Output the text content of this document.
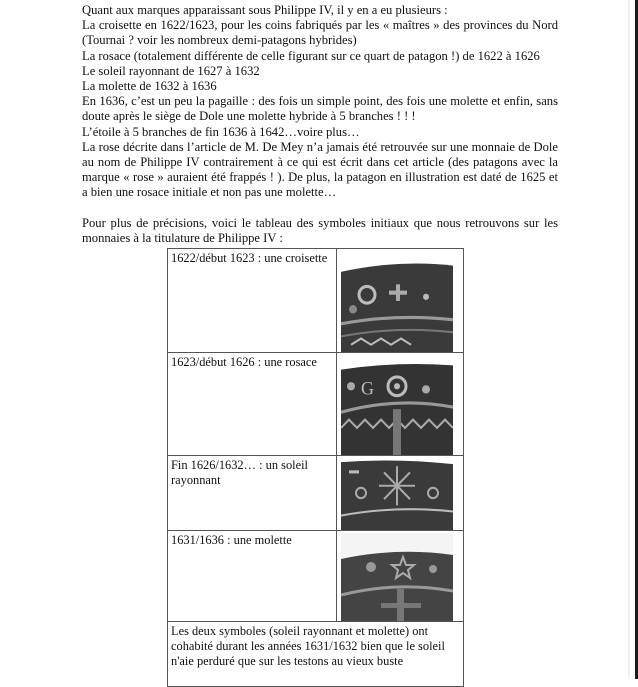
Quant aux marques apparaissant sous Philippe IV, il y en a eu plusieurs :

La croisette en 1622/1623, pour les coins fabriqués par les « maîtres » des provinces du Nord (Tournai ? voir les nombreux demi-patagons hybrides)

La rosace (totalement différente de celle figurant sur ce quart de patagon !) de 1622 à 1626

Le soleil rayonnant de 1627 à 1632

La molette de 1632 à 1636

En 1636, c’est un peu la pagaille : des fois un simple point, des fois une molette et enfin, sans doute après le siège de Dole une molette hybride à 5 branches ! ! !

L’étoile à 5 branches de fin 1636 à 1642…voire plus…

La rose décrite dans l’article de M. De Mey n’a jamais été retrouvée sur une monnaie de Dole au nom de Philippe IV contrairement à ce qui est écrit dans cet article (des patagons avec la marque « rose » auraient été frappés ! ). De plus, la patagon en illustration est daté de 1625 et a bien une rosace initiale et non pas une molette…

Pour plus de précisions, voici le tableau des symboles initiaux que nous retrouvons sur les monnaies à la titulature de Philippe IV :

1622/début 1623 : une croisette	

1623/début 1626 : une rosace	G

Fin 1626/1632… : un soleil rayonnant	

1631/1636 : une molette	

Les deux symboles (soleil rayonnant et molette) ont cohabité durant les années 1631/1632 bien que le soleil n'aie perduré que sur les testons au vieux buste	
